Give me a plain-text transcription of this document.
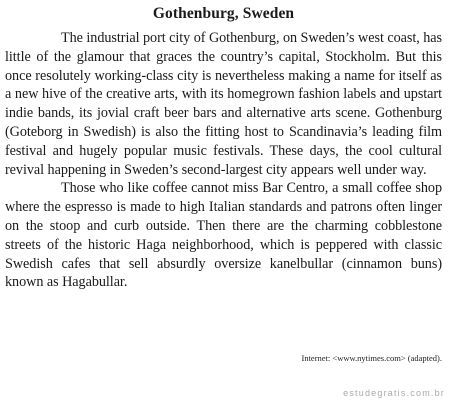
Gothenburg, Sweden

The industrial port city of Gothenburg, on Sweden’s west coast, has little of the glamour that graces the country’s capital, Stockholm. But this once resolutely working-class city is nevertheless making a name for itself as a new hive of the creative arts, with its homegrown fashion labels and upstart indie bands, its jovial craft beer bars and alternative arts scene. Gothenburg (Goteborg in Swedish) is also the fitting host to Scandinavia’s leading film festival and hugely popular music festivals. These days, the cool cultural revival happening in Sweden’s second-largest city appears well under way.

Those who like coffee cannot miss Bar Centro, a small coffee shop where the espresso is made to high Italian standards and patrons often linger on the stoop and curb outside. Then there are the charming cobblestone streets of the historic Haga neighborhood, which is peppered with classic Swedish cafes that sell absurdly oversize kanelbullar (cinnamon buns) known as Hagabullar.

Internet: <www.nytimes.com> (adapted).
estudegratis.com.br
